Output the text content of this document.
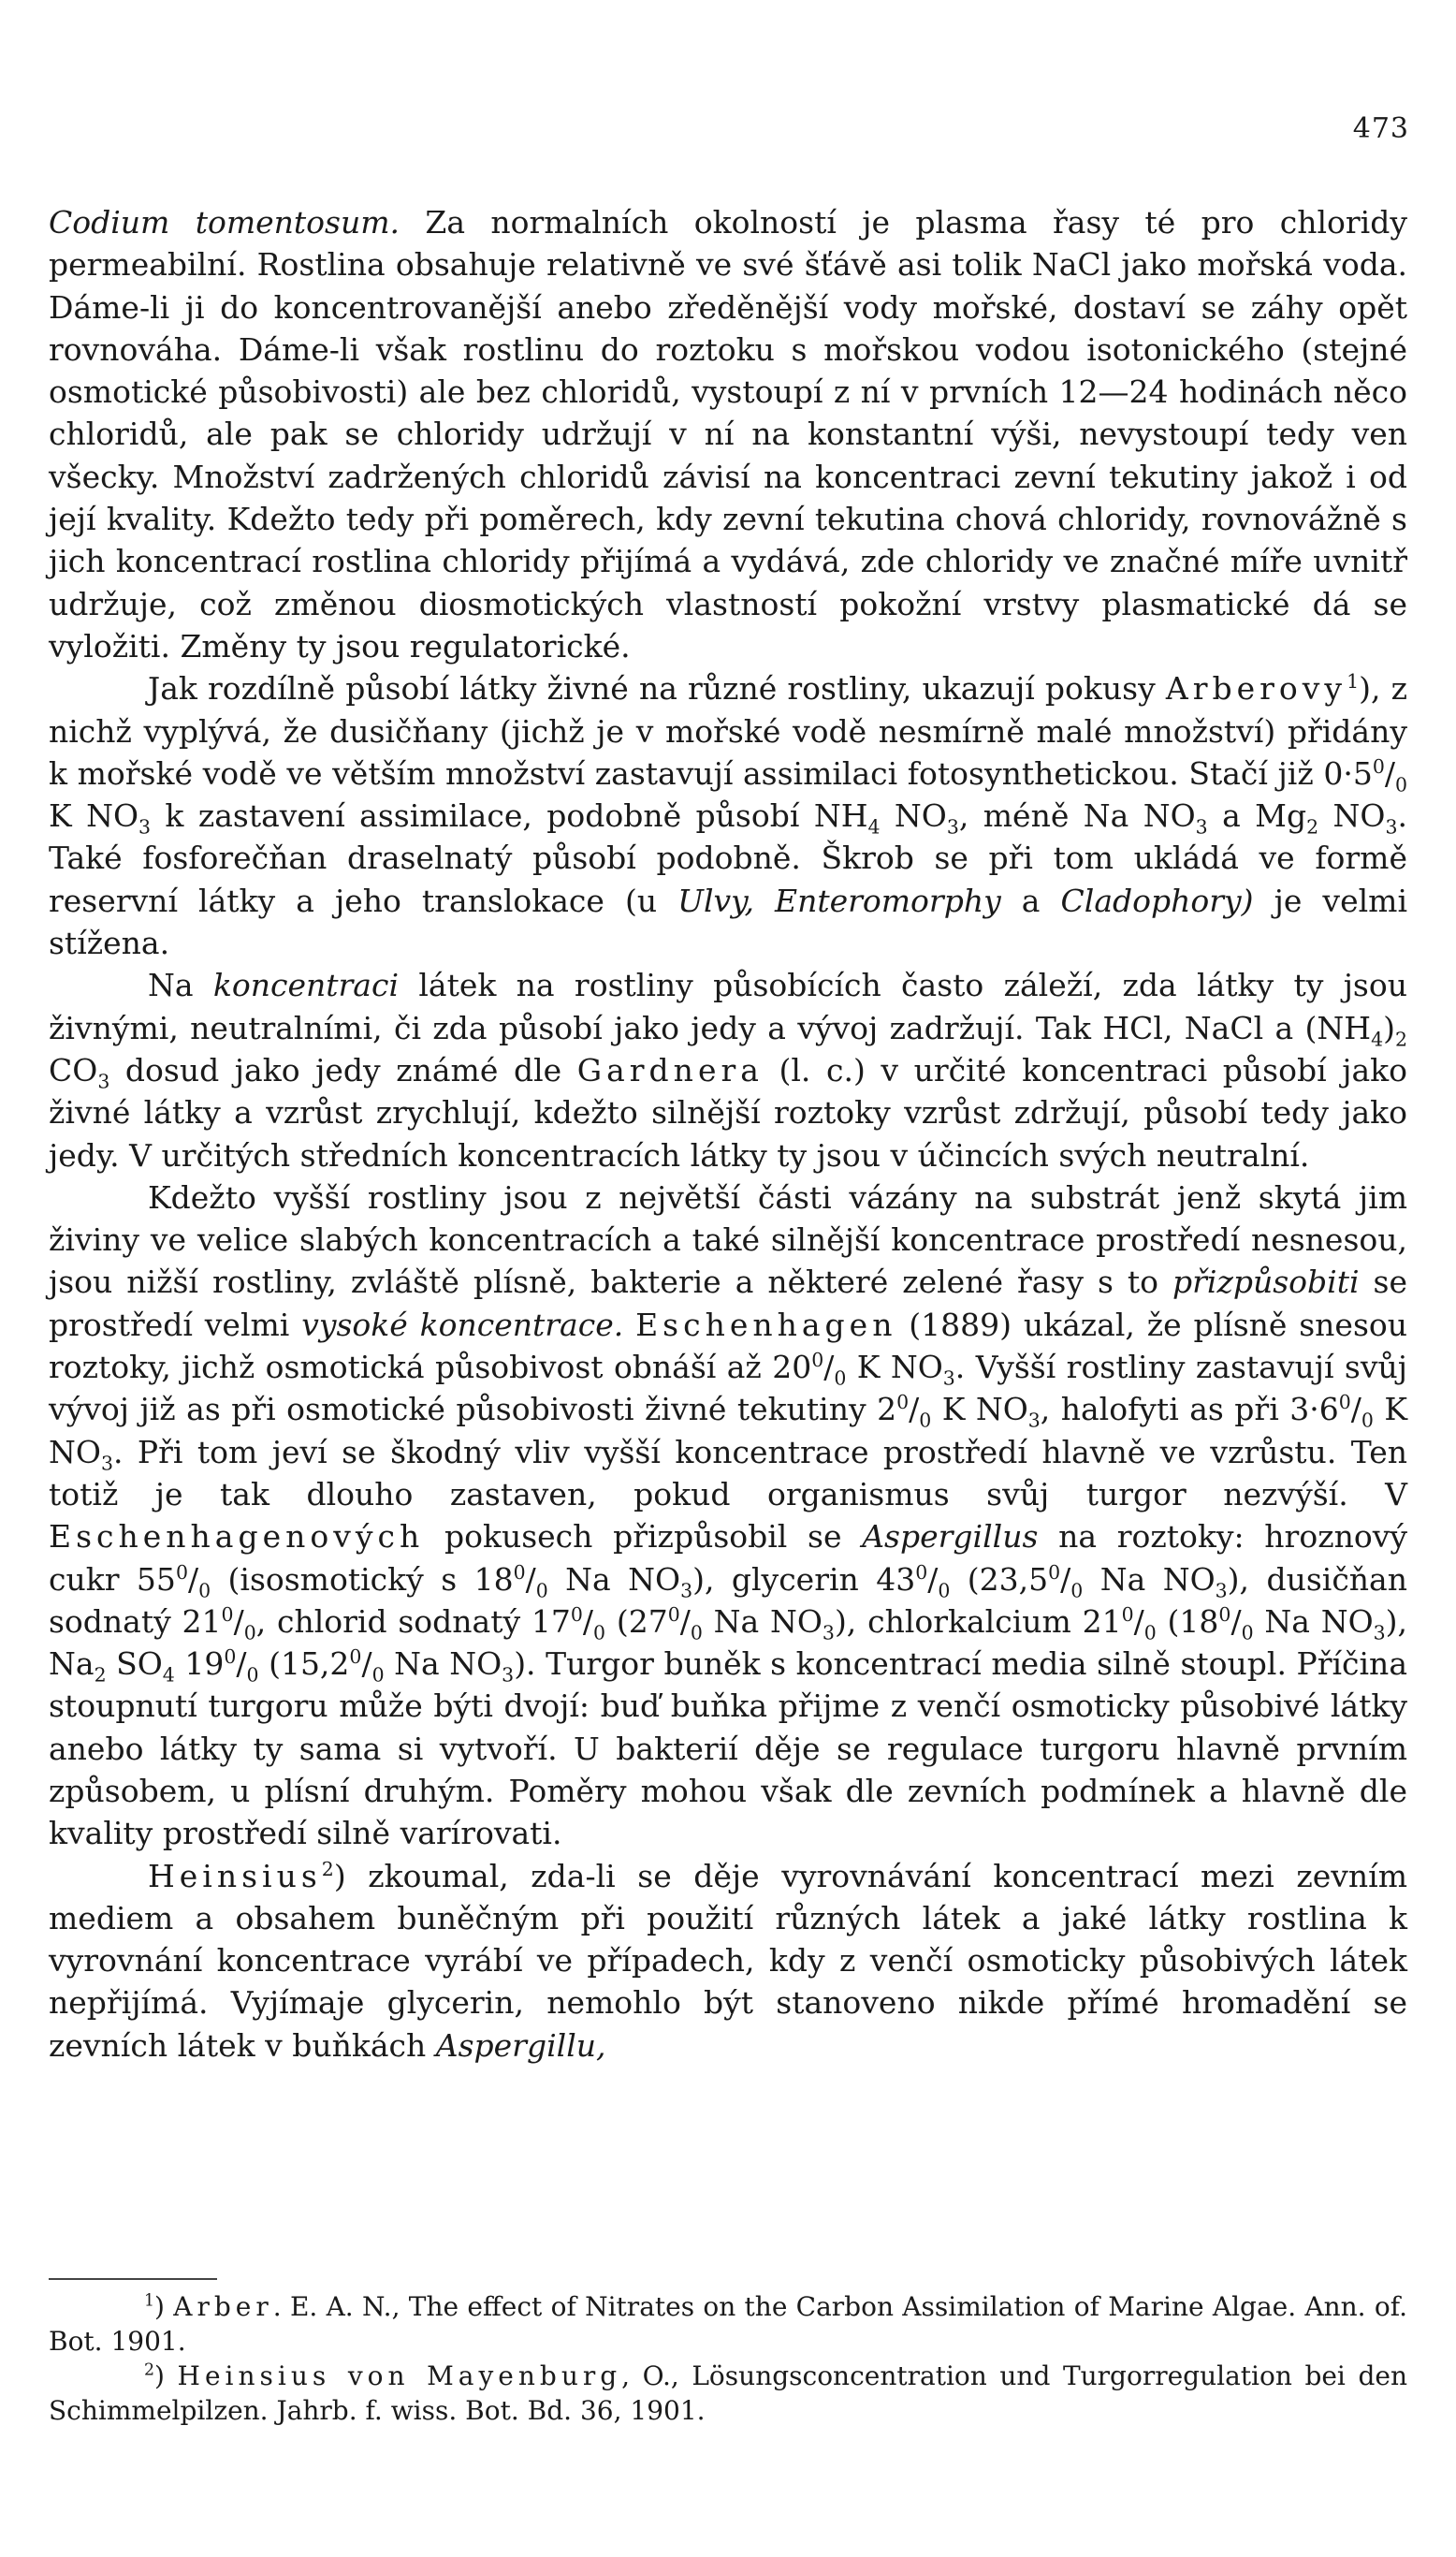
473

Codium tomentosum. Za normalních okolností je plasma řasy té pro chloridy permeabilní. Rostlina obsahuje relativně ve své šťávě asi tolik NaCl jako mořská voda. Dáme-li ji do koncentrovanější anebo zředěnější vody mořské, dostaví se záhy opět rovnováha. Dáme-li však rostlinu do roztoku s mořskou vodou isotonického (stejné osmotické působivosti) ale bez chloridů, vystoupí z ní v prvních 12—24 hodinách něco chloridů, ale pak se chloridy udržují v ní na konstantní výši, nevystoupí tedy ven všecky. Množství zadržených chloridů závisí na koncentraci zevní tekutiny jakož i od její kvality. Kdežto tedy při poměrech, kdy zevní tekutina chová chloridy, rovnovážně s jich koncentrací rostlina chloridy přijímá a vydává, zde chloridy ve značné míře uvnitř udržuje, což změnou diosmotických vlastností pokožní vrstvy plasmatické dá se vyložiti. Změny ty jsou regulatorické.

Jak rozdílně působí látky živné na různé rostliny, ukazují pokusy Arberovy$^1$), z nichž vyplývá, že dusičňany (jichž je v mořské vodě nesmírně malé množství) přidány k mořské vodě ve větším množství zastavují assimilaci fotosynthetickou. Stačí již $0\cdot 5^0/_0$ K $NO_3$ k zastavení assimilace, podobně působí $NH_4$ $NO_3$, méně Na $NO_3$ a $Mg_2$ $NO_3$. Také fosforečňan draselnatý působí podobně. Škrob se při tom ukládá ve formě reservní látky a jeho translokace (u Ulvy, Enteromorphy a Cladophory) je velmi stížena.

Na koncentraci látek na rostliny působících často záleží, zda látky ty jsou živnými, neutralními, či zda působí jako jedy a vývoj zadržují. Tak HCl, NaCl a $(NH_4)_2$ $CO_3$ dosud jako jedy známé dle Gardnera (l. c.) v určité koncentraci působí jako živné látky a vzrůst zrychlují, kdežto silnější roztoky vzrůst zdržují, působí tedy jako jedy. V určitých středních koncentracích látky ty jsou v účincích svých neutralní.

Kdežto vyšší rostliny jsou z největší části vázány na substrát jenž skytá jim živiny ve velice slabých koncentracích a také silnější koncentrace prostředí nesnesou, jsou nižší rostliny, zvláště plísně, bakterie a některé zelené řasy s to přizpůsobiti se prostředí velmi vysoké koncentrace. Eschenhagen (1889) ukázal, že plísně snesou roztoky, jichž osmotická působivost obnáší až $20^0/_0$ K $NO_3$. Vyšší rostliny zastavují svůj vývoj již as při osmotické působivosti živné tekutiny $2^0/_0$ K $NO_3$, halofyti as při $3\cdot 6^0/_0$ K $NO_3$. Při tom jeví se škodný vliv vyšší koncentrace prostředí hlavně ve vzrůstu. Ten totiž je tak dlouho zastaven, pokud organismus svůj turgor nezvýší. V Eschenhagenových pokusech přizpůsobil se Aspergillus na roztoky: hroznový cukr $55^0/_0$ (isosmotický s $18^0/_0$ Na $NO_3$), glycerin $43^0/_0$ ($23,5^0/_0$ Na $NO_3$), dusičňan sodnatý $21^0/_0$, chlorid sodnatý $17^0/_0$ ($27^0/_0$ Na $NO_3$), chlorkalcium $21^0/_0$ ($18^0/_0$ Na $NO_3$), $Na_2$ $SO_4$ $19^0/_0$ ($15,2^0/_0$ Na $NO_3$). Turgor buněk s koncentrací media silně stoupl. Příčina stoupnutí turgoru může býti dvojí: buď buňka přijme z venčí osmoticky působivé látky anebo látky ty sama si vytvoří. U bakterií děje se regulace turgoru hlavně prvním způsobem, u plísní druhým. Poměry mohou však dle zevních podmínek a hlavně dle kvality prostředí silně varírovati.

Heinsius$^2$) zkoumal, zda-li se děje vyrovnávání koncentrací mezi zevním mediem a obsahem buněčným při použití různých látek a jaké látky rostlina k vyrovnání koncentrace vyrábí ve případech, kdy z venčí osmoticky působivých látek nepřijímá. Vyjímaje glycerin, nemohlo být stanoveno nikde přímé hromadění se zevních látek v buňkách Aspergillu,

$^1$) Arber. E. A. N., The effect of Nitrates on the Carbon Assimilation of Marine Algae. Ann. of. Bot. 1901.

$^2$) Heinsius von Mayenburg, O., Lösungsconcentration und Turgorregulation bei den Schimmelpilzen. Jahrb. f. wiss. Bot. Bd. 36, 1901.
